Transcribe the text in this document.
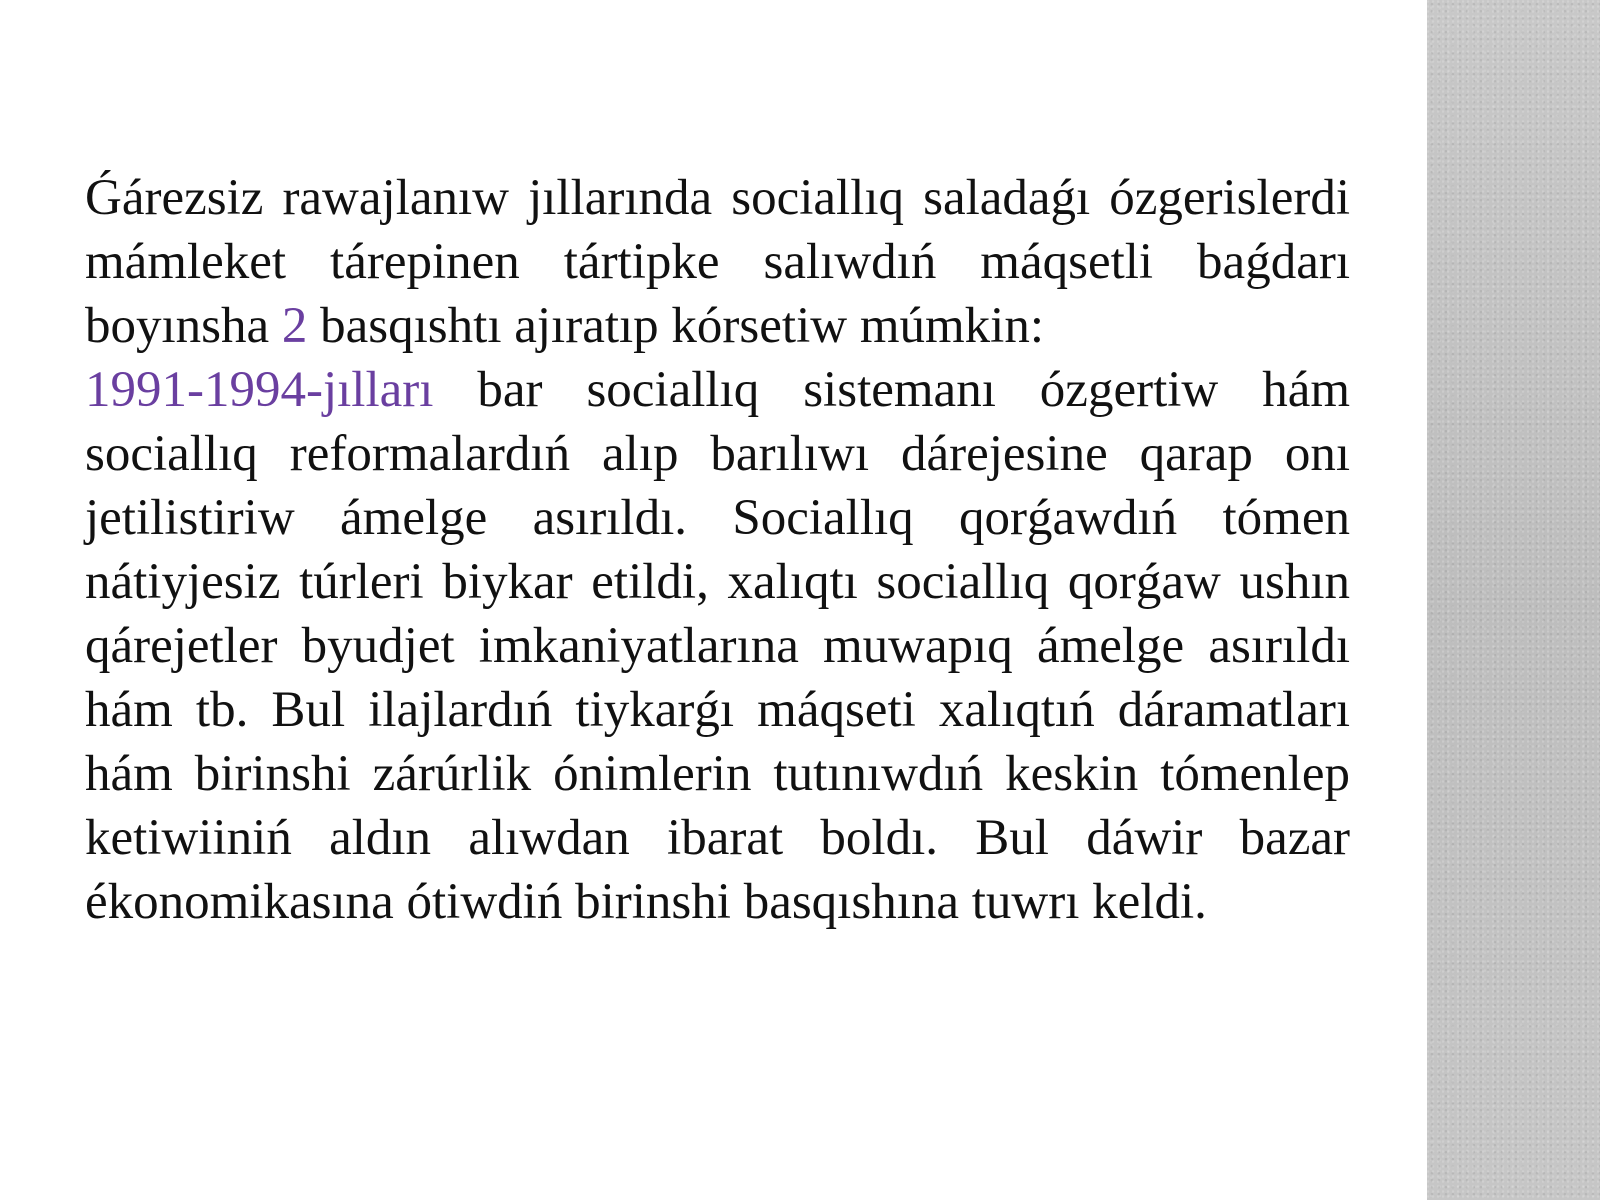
Ǵárezsiz rawajlanıw jıllarında sociallıq saladaǵı ózgerislerdi mámleket tárepinen tártipke salıwdıń máqsetli baǵdarı boyınsha 2 basqıshtı ajıratıp kórsetiw múmkin:

1991-1994-jılları bar sociallıq sistemanı ózgertiw hám sociallıq reformalardıń alıp barılıwı dárejesine qarap onı jetilistiriw ámelge asırıldı. Sociallıq qorǵawdıń tómen nátiyjesiz túrleri biykar etildi, xalıqtı sociallıq qorǵaw ushın qárejetler byudjet imkaniyatlarına muwapıq ámelge asırıldı hám tb. Bul ilajlardıń tiykarǵı máqseti xalıqtıń dáramatları hám birinshi zárúrlik ónimlerin tutınıwdıń keskin tómenlep ketiwiiniń aldın alıwdan ibarat boldı. Bul dáwir bazar ékonomikasına ótiwdiń birinshi basqıshına tuwrı keldi.
